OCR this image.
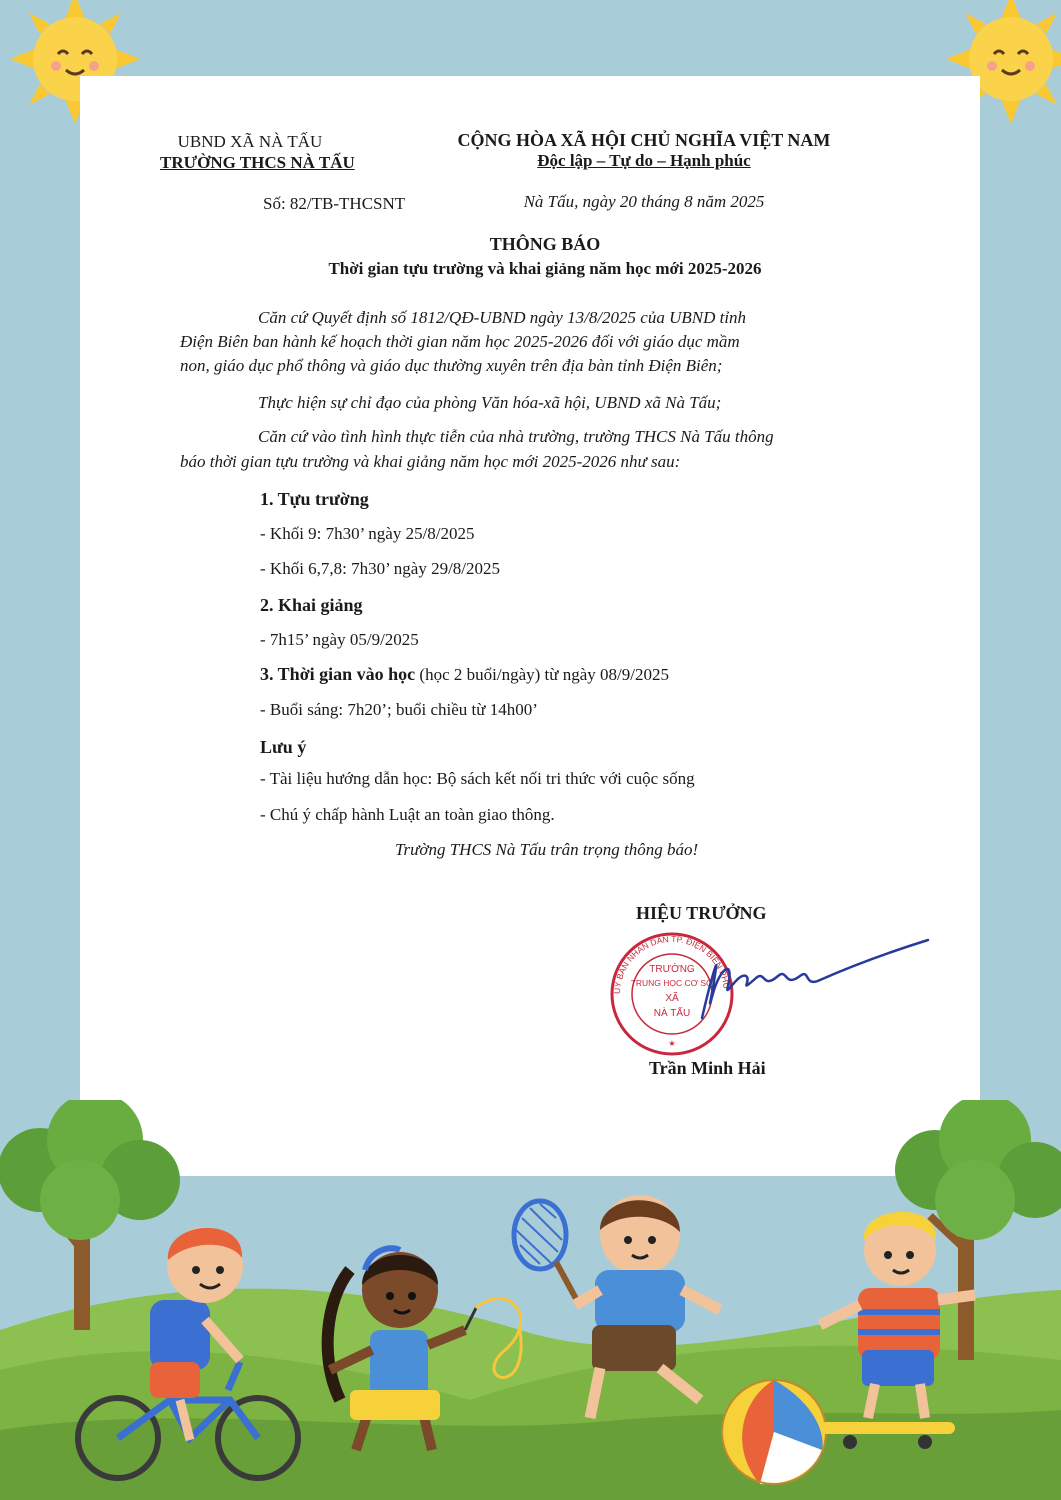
UBND XÃ NÀ TẤU
TRƯỜNG THCS NÀ TẤU
Số: 82/TB-THCSNT
CỘNG HÒA XÃ HỘI CHỦ NGHĨA VIỆT NAM
Độc lập – Tự do – Hạnh phúc
Nà Tấu, ngày 20 tháng 8 năm 2025
THÔNG BÁO
Thời gian tựu trường và khai giảng năm học mới 2025-2026
Căn cứ Quyết định số 1812/QĐ-UBND ngày 13/8/2025 của UBND tỉnh
Điện Biên ban hành kế hoạch thời gian năm học 2025-2026 đối với giáo dục mầm
non, giáo dục phổ thông và giáo dục thường xuyên trên địa bàn tỉnh Điện Biên;
Thực hiện sự chỉ đạo của phòng Văn hóa-xã hội, UBND xã Nà Tấu;
Căn cứ vào tình hình thực tiễn của nhà trường, trường THCS Nà Tấu thông
báo thời gian tựu trường và khai giảng năm học mới 2025-2026 như sau:
1. Tựu trường
- Khối 9: 7h30’ ngày 25/8/2025
- Khối 6,7,8: 7h30’ ngày 29/8/2025
2. Khai giảng
- 7h15’ ngày 05/9/2025
3. Thời gian vào học (học 2 buổi/ngày) từ ngày 08/9/2025
- Buổi sáng: 7h20’; buổi chiều từ 14h00’
Lưu ý
- Tài liệu hướng dẫn học: Bộ sách kết nối tri thức với cuộc sống
- Chú ý chấp hành Luật an toàn giao thông.
Trường THCS Nà Tấu trân trọng thông báo!
HIỆU TRƯỞNG
UỶ BAN NHÂN DÂN TP. ĐIỆN BIÊN PHỦ
TRƯỜNG
TRUNG HỌC CƠ SỞ
XÃ
NÀ TẤU
★
Trần Minh Hải
